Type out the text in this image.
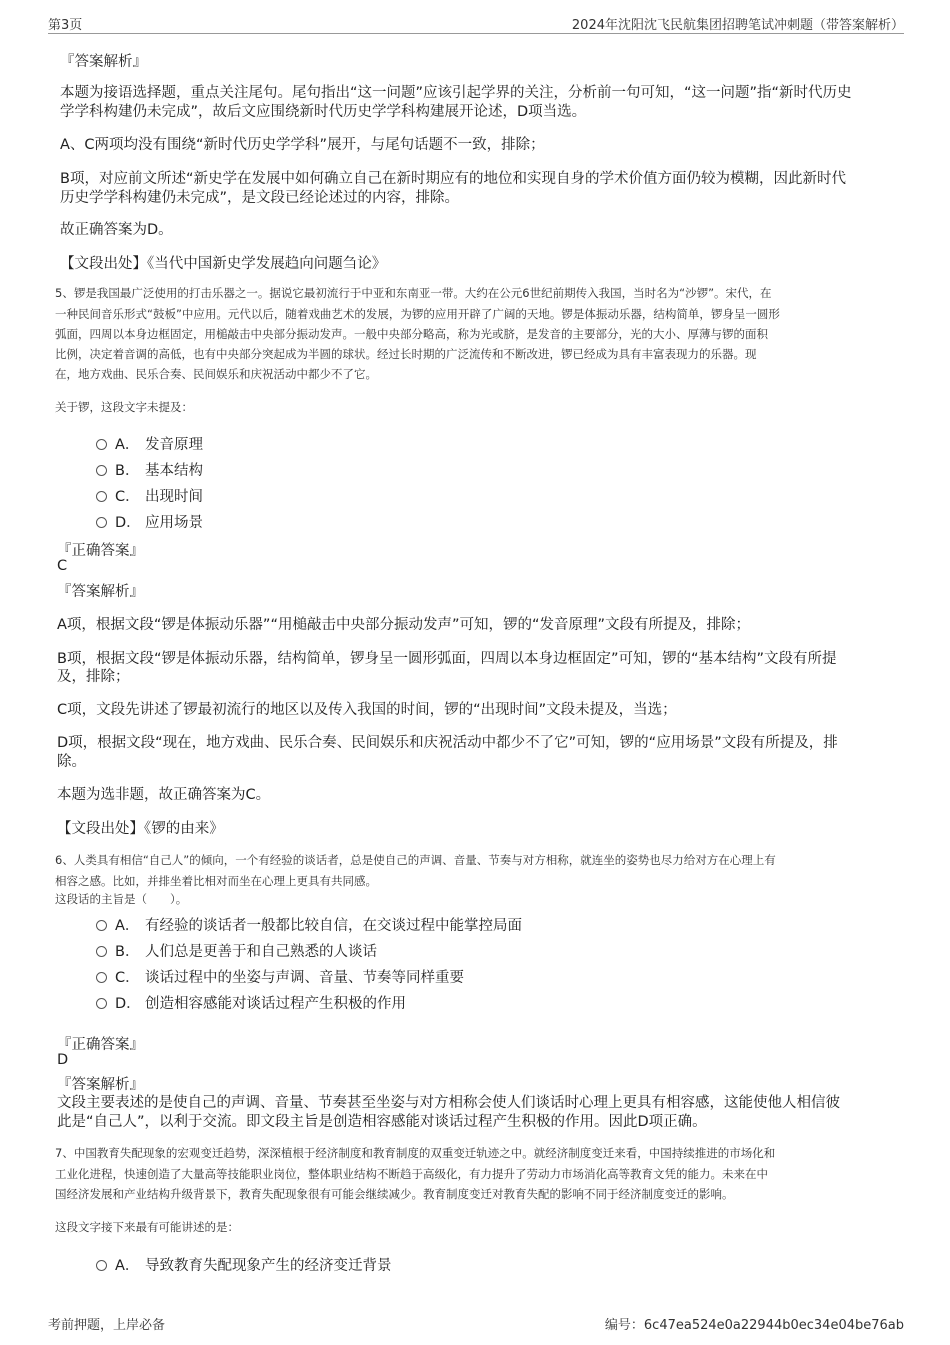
第3页	2024年沈阳沈飞民航集团招聘笔试冲刺题（带答案解析）
『答案解析』
本题为接语选择题，重点关注尾句。尾句指出“这一问题”应该引起学界的关注，分析前一句可知，“这一问题”指“新时代历史
学学科构建仍未完成”，故后文应围绕新时代历史学学科构建展开论述，D项当选。
A、C两项均没有围绕“新时代历史学学科”展开，与尾句话题不一致，排除；
B项，对应前文所述“新史学在发展中如何确立自己在新时期应有的地位和实现自身的学术价值方面仍较为模糊，因此新时代
历史学学科构建仍未完成”，是文段已经论述过的内容，排除。
故正确答案为D。
【文段出处】《当代中国新史学发展趋向问题刍论》
5、锣是我国最广泛使用的打击乐器之一。据说它最初流行于中亚和东南亚一带。大约在公元6世纪前期传入我国，当时名为“沙锣”。宋代，在
一种民间音乐形式“鼓板”中应用。元代以后，随着戏曲艺术的发展，为锣的应用开辟了广阔的天地。锣是体振动乐器，结构简单，锣身呈一圆形
弧面，四周以本身边框固定，用槌敲击中央部分振动发声。一般中央部分略高，称为光或脐，是发音的主要部分，光的大小、厚薄与锣的面积
比例，决定着音调的高低，也有中央部分突起成为半圆的球状。经过长时期的广泛流传和不断改进，锣已经成为具有丰富表现力的乐器。现
在，地方戏曲、民乐合奏、民间娱乐和庆祝活动中都少不了它。
关于锣，这段文字未提及：
A． 发音原理
B． 基本结构
C． 出现时间
D． 应用场景
『正确答案』
C
『答案解析』
A项，根据文段“锣是体振动乐器”“用槌敲击中央部分振动发声”可知，锣的“发音原理”文段有所提及，排除；
B项，根据文段“锣是体振动乐器，结构简单，锣身呈一圆形弧面，四周以本身边框固定”可知，锣的“基本结构”文段有所提
及，排除；
C项，文段先讲述了锣最初流行的地区以及传入我国的时间，锣的“出现时间”文段未提及，当选；
D项，根据文段“现在，地方戏曲、民乐合奏、民间娱乐和庆祝活动中都少不了它”可知，锣的“应用场景”文段有所提及，排
除。
本题为选非题，故正确答案为C。
【文段出处】《锣的由来》
6、人类具有相信“自己人”的倾向，一个有经验的谈话者，总是使自己的声调、音量、节奏与对方相称，就连坐的姿势也尽力给对方在心理上有
相容之感。比如，并排坐着比相对而坐在心理上更具有共同感。
这段话的主旨是（　　）。
A． 有经验的谈话者一般都比较自信，在交谈过程中能掌控局面
B． 人们总是更善于和自己熟悉的人谈话
C． 谈话过程中的坐姿与声调、音量、节奏等同样重要
D． 创造相容感能对谈话过程产生积极的作用
『正确答案』
D
『答案解析』
文段主要表述的是使自己的声调、音量、节奏甚至坐姿与对方相称会使人们谈话时心理上更具有相容感，这能使他人相信彼
此是“自己人”，以利于交流。即文段主旨是创造相容感能对谈话过程产生积极的作用。因此D项正确。
7、中国教育失配现象的宏观变迁趋势，深深植根于经济制度和教育制度的双重变迁轨迹之中。就经济制度变迁来看，中国持续推进的市场化和
工业化进程，快速创造了大量高等技能职业岗位，整体职业结构不断趋于高级化，有力提升了劳动力市场消化高等教育文凭的能力。未来在中
国经济发展和产业结构升级背景下，教育失配现象很有可能会继续减少。教育制度变迁对教育失配的影响不同于经济制度变迁的影响。
这段文字接下来最有可能讲述的是：
A． 导致教育失配现象产生的经济变迁背景
考前押题，上岸必备	编号：6c47ea524e0a22944b0ec34e04be76ab
